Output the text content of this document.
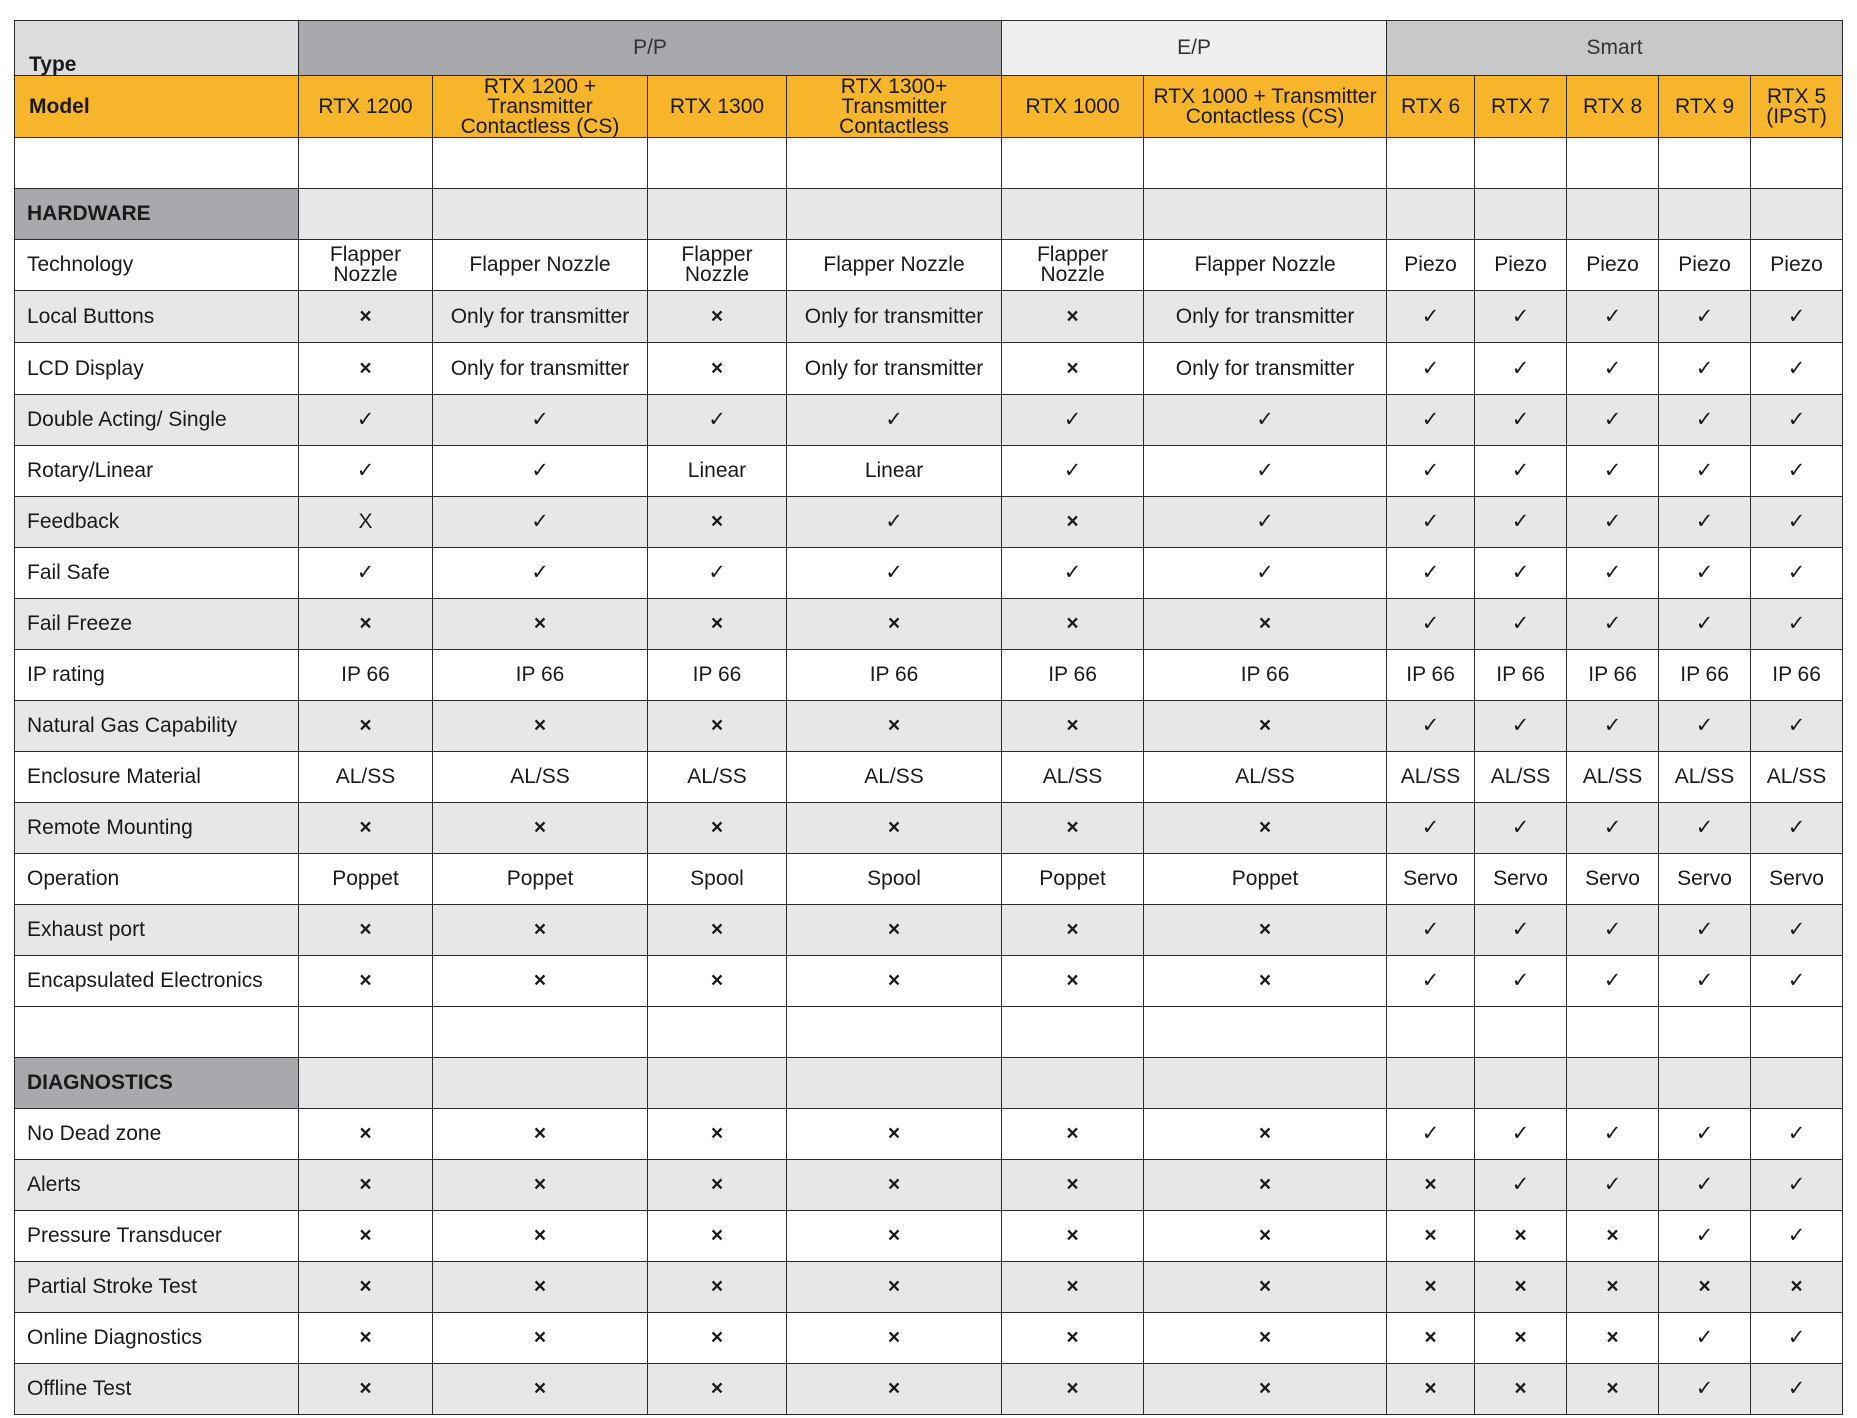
Type	P/P				E/P		Smart				
Model	RTX 1200	RTX 1200 + Transmitter Contactless (CS)	RTX 1300	RTX 1300+ Transmitter Contactless	RTX 1000	RTX 1000 + Transmitter Contactless (CS)	RTX 6	RTX 7	RTX 8	RTX 9	RTX 5 (IPST)

HARDWARE											
Technology	Flapper Nozzle	Flapper Nozzle	Flapper Nozzle	Flapper Nozzle	Flapper Nozzle	Flapper Nozzle	Piezo	Piezo	Piezo	Piezo	Piezo
Local Buttons	×	Only for transmitter	×	Only for transmitter	×	Only for transmitter	✓	✓	✓	✓	✓
LCD Display	×	Only for transmitter	×	Only for transmitter	×	Only for transmitter	✓	✓	✓	✓	✓
Double Acting/ Single	✓	✓	✓	✓	✓	✓	✓	✓	✓	✓	✓
Rotary/Linear	✓	✓	Linear	Linear	✓	✓	✓	✓	✓	✓	✓
Feedback	X	✓	×	✓	×	✓	✓	✓	✓	✓	✓
Fail Safe	✓	✓	✓	✓	✓	✓	✓	✓	✓	✓	✓
Fail Freeze	×	×	×	×	×	×	✓	✓	✓	✓	✓
IP rating	IP 66	IP 66	IP 66	IP 66	IP 66	IP 66	IP 66	IP 66	IP 66	IP 66	IP 66
Natural Gas Capability	×	×	×	×	×	×	✓	✓	✓	✓	✓
Enclosure Material	AL/SS	AL/SS	AL/SS	AL/SS	AL/SS	AL/SS	AL/SS	AL/SS	AL/SS	AL/SS	AL/SS
Remote Mounting	×	×	×	×	×	×	✓	✓	✓	✓	✓
Operation	Poppet	Poppet	Spool	Spool	Poppet	Poppet	Servo	Servo	Servo	Servo	Servo
Exhaust port	×	×	×	×	×	×	✓	✓	✓	✓	✓
Encapsulated Electronics	×	×	×	×	×	×	✓	✓	✓	✓	✓

DIAGNOSTICS											
No Dead zone	×	×	×	×	×	×	✓	✓	✓	✓	✓
Alerts	×	×	×	×	×	×	×	✓	✓	✓	✓
Pressure Transducer	×	×	×	×	×	×	×	×	×	✓	✓
Partial Stroke Test	×	×	×	×	×	×	×	×	×	×	×
Online Diagnostics	×	×	×	×	×	×	×	×	×	✓	✓
Offline Test	×	×	×	×	×	×	×	×	×	✓	✓
